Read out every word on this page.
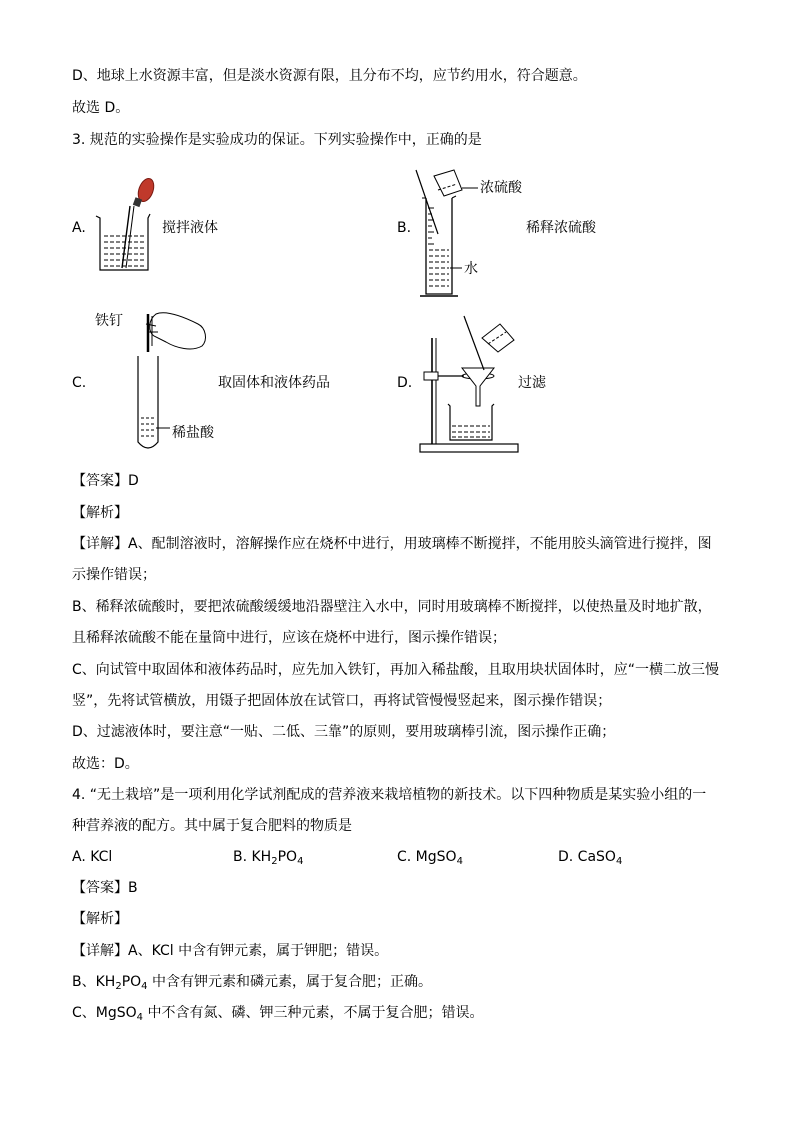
D、地球上水资源丰富，但是淡水资源有限，且分布不均，应节约用水，符合题意。
故选 D。
3. 规范的实验操作是实验成功的保证。下列实验操作中，正确的是
A.	搅拌液体	B.
浓硫酸
水
稀释浓硫酸
铁钉
C.
稀盐酸
取固体和液体药品	D.	过滤
【答案】D
【解析】
【详解】A、配制溶液时，溶解操作应在烧杯中进行，用玻璃棒不断搅拌，不能用胶头滴管进行搅拌，图
示操作错误；
B、稀释浓硫酸时，要把浓硫酸缓缓地沿器壁注入水中，同时用玻璃棒不断搅拌，以使热量及时地扩散，
且稀释浓硫酸不能在量筒中进行，应该在烧杯中进行，图示操作错误；
C、向试管中取固体和液体药品时，应先加入铁钉，再加入稀盐酸，且取用块状固体时，应“一横二放三慢
竖”，先将试管横放，用镊子把固体放在试管口，再将试管慢慢竖起来，图示操作错误；
D、过滤液体时，要注意“一贴、二低、三靠”的原则，要用玻璃棒引流，图示操作正确；
故选：D。
4. “无土栽培”是一项利用化学试剂配成的营养液来栽培植物的新技术。以下四种物质是某实验小组的一
种营养液的配方。其中属于复合肥料的物质是
A. KCl	B. $KH_2PO_4$	C. MgSO$_4$	D. CaSO$_4$
【答案】B
【解析】
【详解】A、KCl 中含有钾元素，属于钾肥；错误。
B、$KH_2PO_4$ 中含有钾元素和磷元素，属于复合肥；正确。
C、MgSO$_4$ 中不含有氮、磷、钾三种元素，不属于复合肥；错误。
